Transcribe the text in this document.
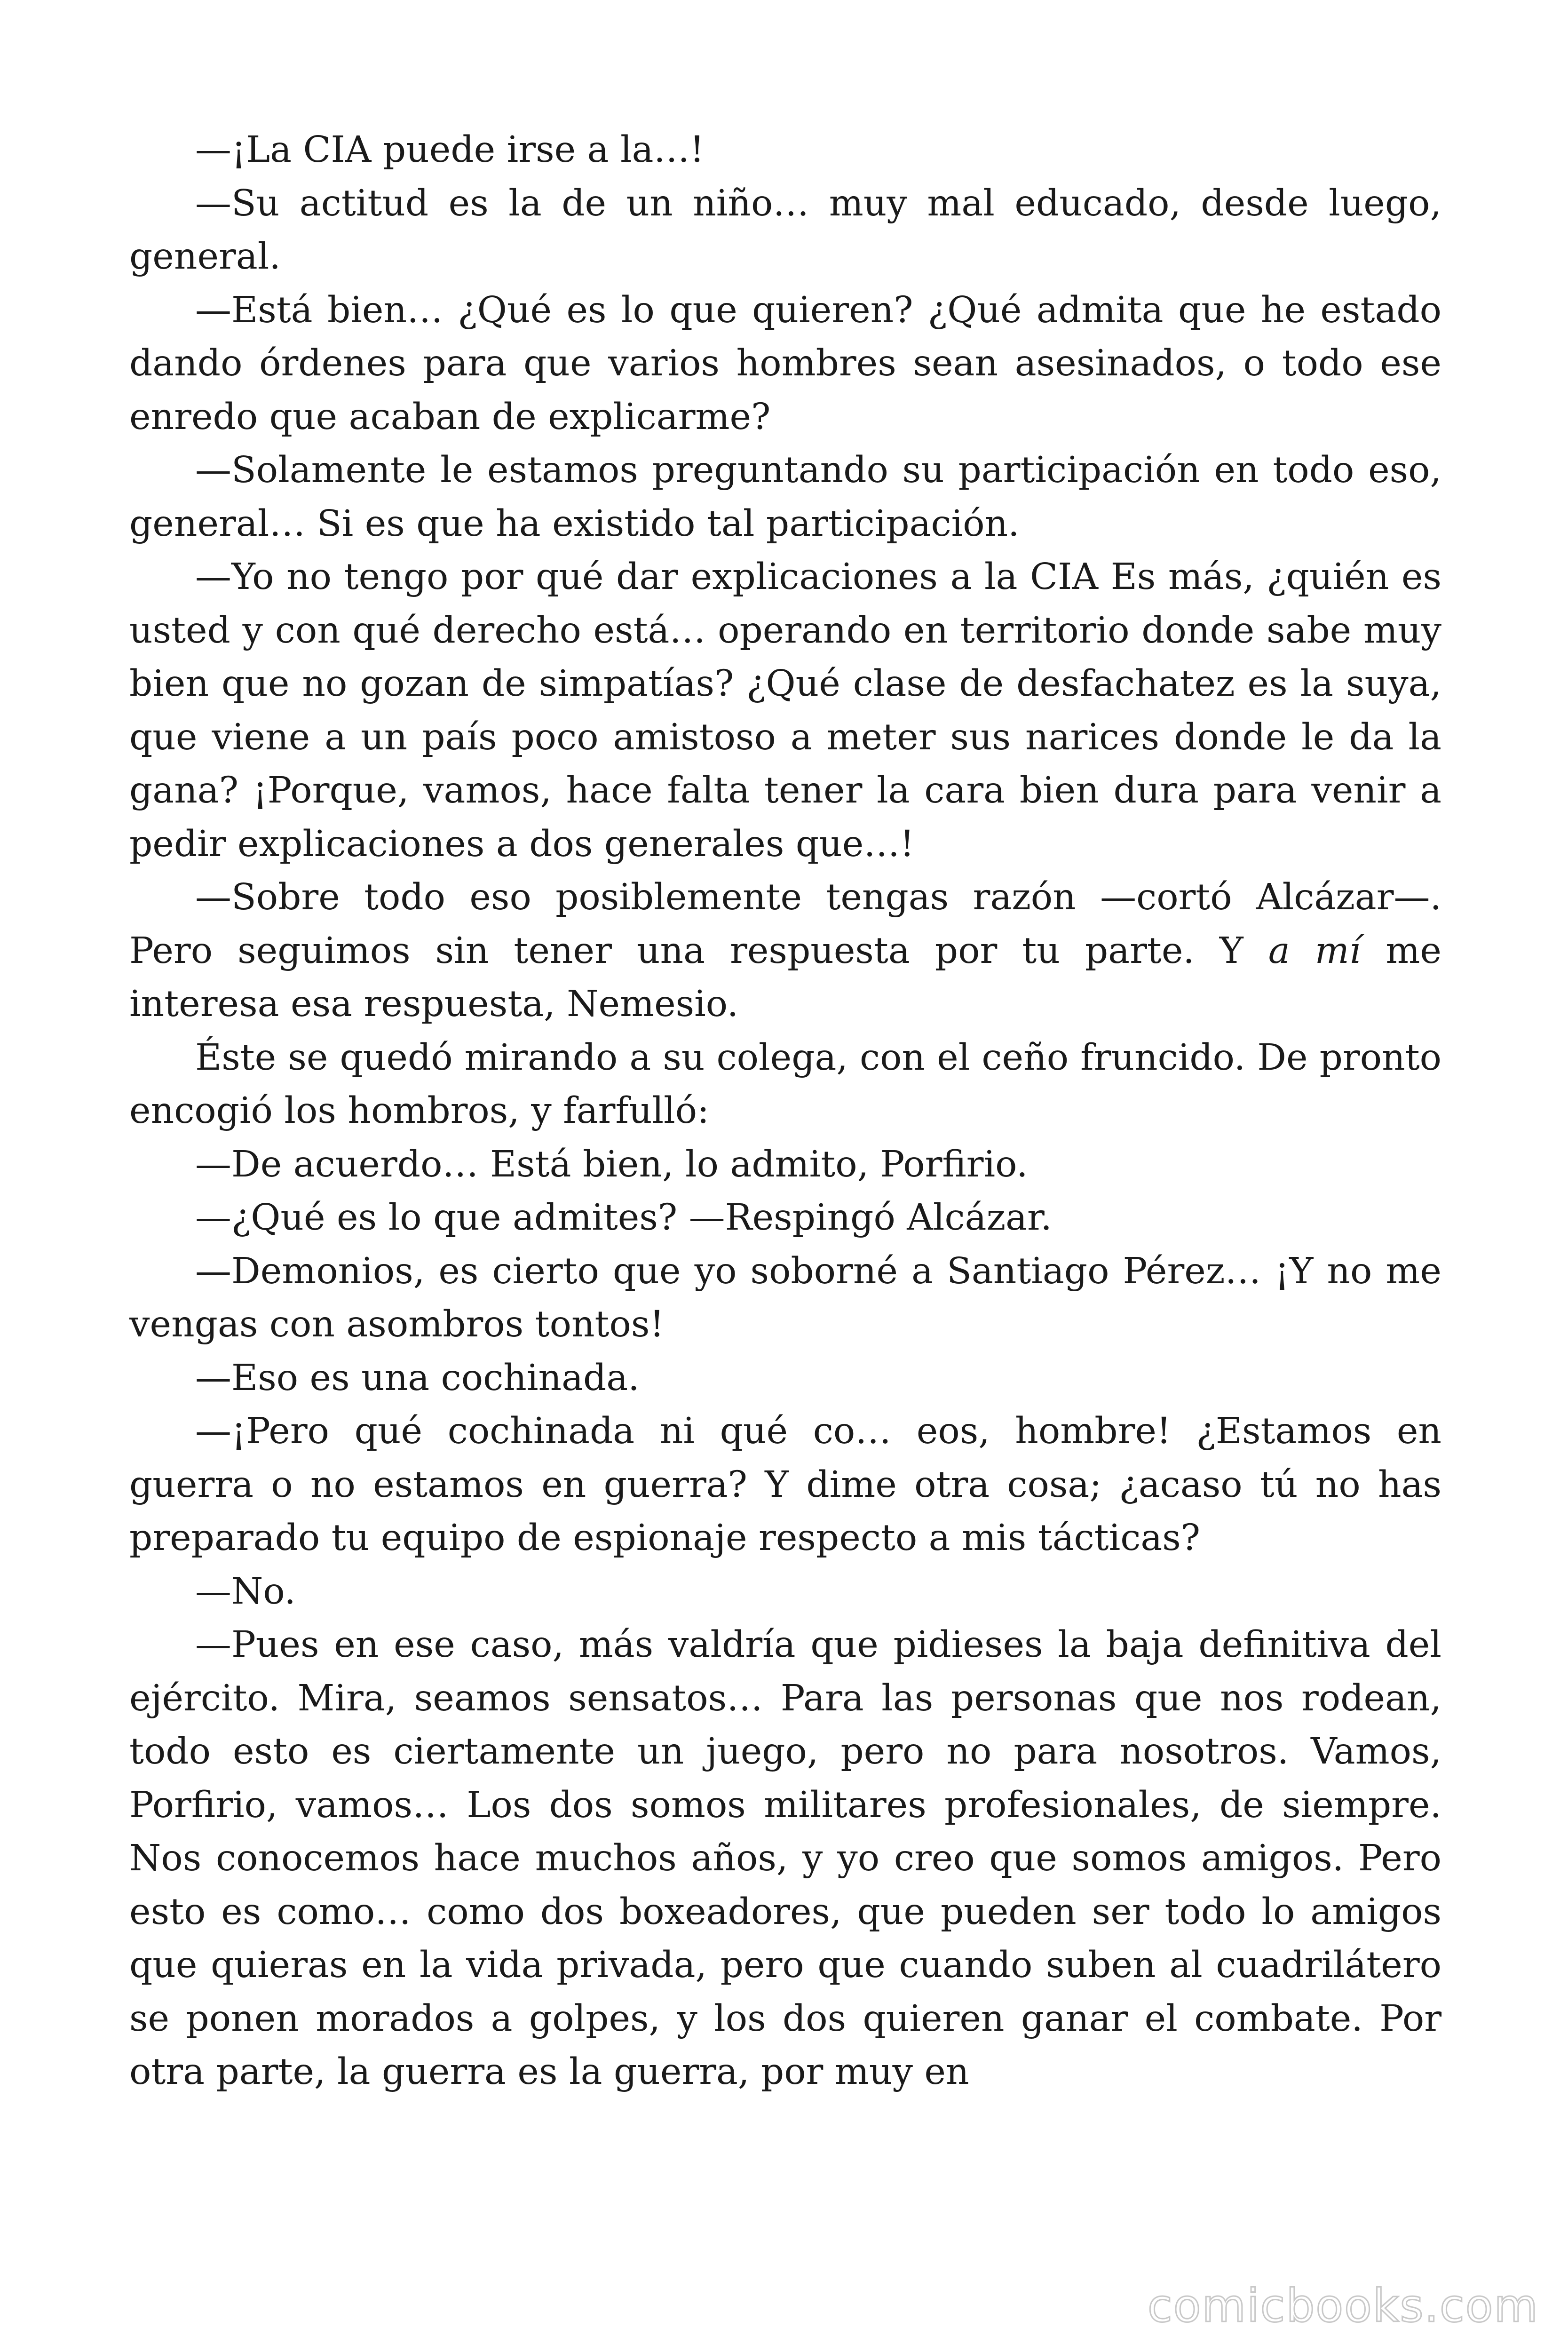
—¡La CIA puede irse a la…!

—Su actitud es la de un niño… muy mal educado, desde luego, general.

—Está bien… ¿Qué es lo que quieren? ¿Qué admita que he estado dando órdenes para que varios hombres sean asesinados, o todo ese enredo que acaban de explicarme?

—Solamente le estamos preguntando su participación en todo eso, general… Si es que ha existido tal participación.

—Yo no tengo por qué dar explicaciones a la CIA Es más, ¿quién es usted y con qué derecho está… operando en territorio donde sabe muy bien que no gozan de simpatías? ¿Qué clase de desfachatez es la suya, que viene a un país poco amistoso a meter sus narices donde le da la gana? ¡Porque, vamos, hace falta tener la cara bien dura para venir a pedir explicaciones a dos generales que…!

—Sobre todo eso posiblemente tengas razón —cortó Alcázar—. Pero seguimos sin tener una respuesta por tu parte. Y a mí me interesa esa respuesta, Nemesio.

Éste se quedó mirando a su colega, con el ceño fruncido. De pronto encogió los hombros, y farfulló:

—De acuerdo… Está bien, lo admito, Porfirio.

—¿Qué es lo que admites? —Respingó Alcázar.

—Demonios, es cierto que yo soborné a Santiago Pérez… ¡Y no me vengas con asombros tontos!

—Eso es una cochinada.

—¡Pero qué cochinada ni qué co… eos, hombre! ¿Estamos en guerra o no estamos en guerra? Y dime otra cosa; ¿acaso tú no has preparado tu equipo de espionaje respecto a mis tácticas?

—No.

—Pues en ese caso, más valdría que pidieses la baja definitiva del ejército. Mira, seamos sensatos… Para las personas que nos rodean, todo esto es ciertamente un juego, pero no para nosotros. Vamos, Porfirio, vamos… Los dos somos militares profesionales, de siempre. Nos conocemos hace muchos años, y yo creo que somos amigos. Pero esto es como… como dos boxeadores, que pueden ser todo lo amigos que quieras en la vida privada, pero que cuando suben al cuadrilátero se ponen morados a golpes, y los dos quieren ganar el combate. Por otra parte, la guerra es la guerra, por muy en

comicbooks.com
